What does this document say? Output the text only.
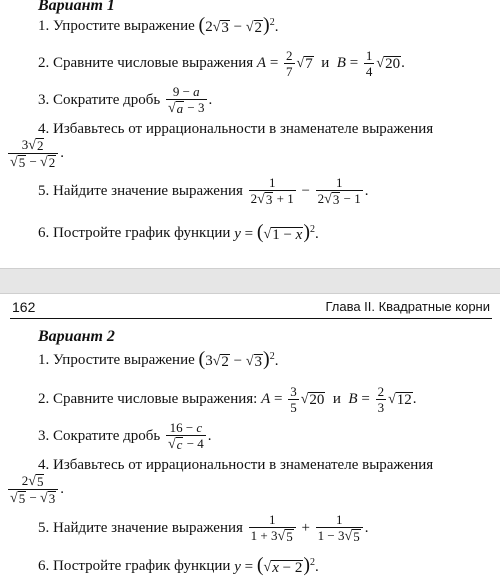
Вариант 1
1. Упростите выражение
(2 √ 3 − √ 2 )$^2$.
2. Сравните числовые выражения
$A = \frac{2}{7}$ √ 7 и $B = \frac{1}{4}$ √ 20 .
3. Сократите дробь
$\frac{9 - a}{√ a - 3}$ .
4. Избавьтесь от иррациональности в знаменателе выражения
$\frac{3 √ 2}{√ 5 - √ 2}$ .
5. Найдите значение выражения
$\frac{1}{2 √ 3 + 1} - \frac{1}{2 √ 3 - 1}$ .
6. Постройте график функции
y = ( √ 1 − x )$^2$.
162	Глава II. Квадратные корни
Вариант 2
1. Упростите выражение
(3 √ 2 − √ 3 )$^2$.
2. Сравните числовые выражения:
$A = \frac{3}{5}$ √ 20 и $B = \frac{2}{3}$ √ 12 .
3. Сократите дробь
$\frac{16 - c}{√ c - 4}$ .
4. Избавьтесь от иррациональности в знаменателе выражения
$\frac{2 √ 5}{√ 5 - √ 3}$ .
5. Найдите значение выражения
$\frac{1}{1 + 3 √ 5} + \frac{1}{1 - 3 √ 5}$ .
6. Постройте график функции
y = ( √ x − 2 )$^2$.
